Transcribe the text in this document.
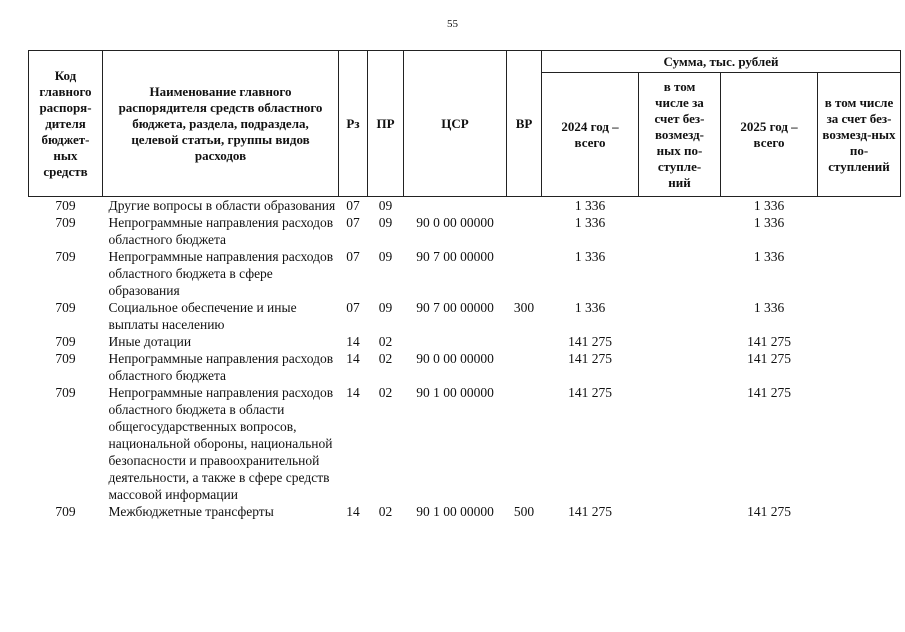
55
Код главного распоря-дителя бюджет-ных средств	Наименование главного распорядителя средств областного бюджета, раздела, подраздела, целевой статьи, группы видов расходов	Рз	ПР	ЦСР	ВР	Сумма, тыс. рублей			
						2024 год – всего	в том числе за счет без-возмезд-ных по-ступле-ний	2025 год – всего	в том числе за счет без-возмезд-ных по-ступлений
709	Другие вопросы в области образования	07	09			1 336		1 336	
709	Непрограммные направления расходов областного бюджета	07	09	90 0 00 00000		1 336		1 336	
709	Непрограммные направления расходов областного бюджета в сфере образования	07	09	90 7 00 00000		1 336		1 336	
709	Социальное обеспечение и иные выплаты населению	07	09	90 7 00 00000	300	1 336		1 336	
709	Иные дотации	14	02			141 275		141 275	
709	Непрограммные направления расходов областного бюджета	14	02	90 0 00 00000		141 275		141 275	
709	Непрограммные направления расходов областного бюджета в области общегосударственных вопросов, национальной обороны, национальной безопасности и правоохранительной деятельности, а также в сфере средств массовой информации	14	02	90 1 00 00000		141 275		141 275	
709	Межбюджетные трансферты	14	02	90 1 00 00000	500	141 275		141 275	
